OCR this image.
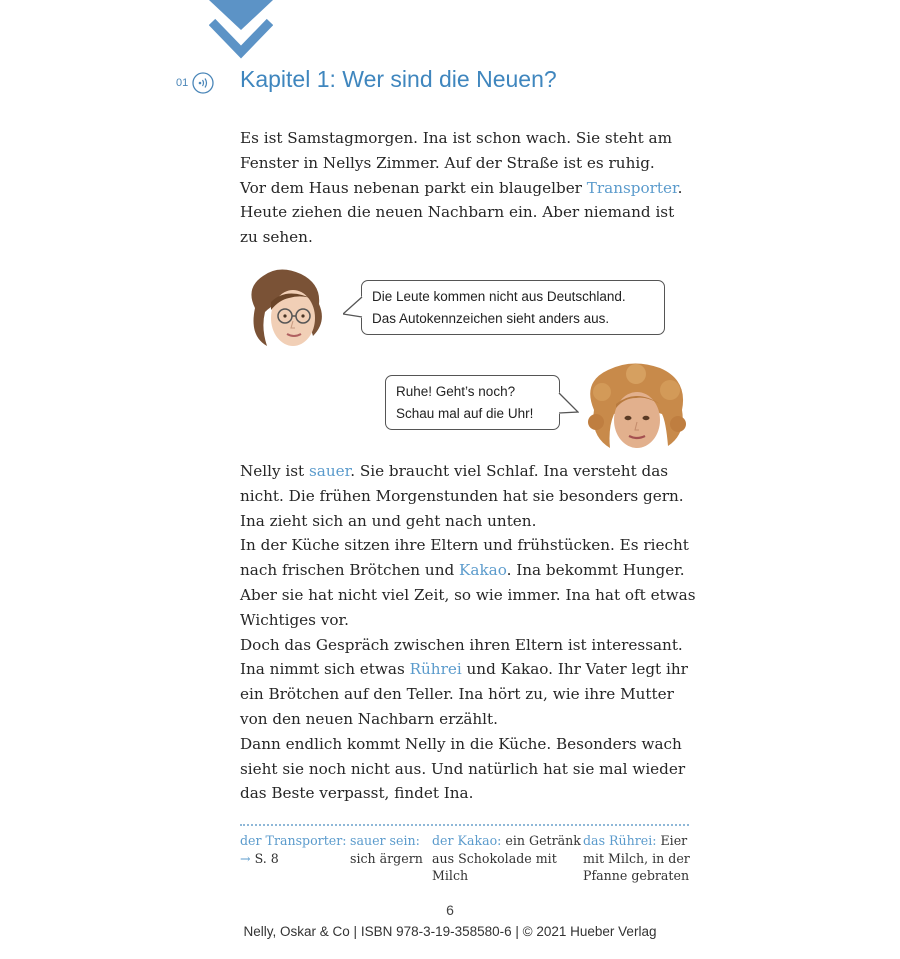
01 Kapitel 1: Wer sind die Neuen?

Es ist Samstagmorgen. Ina ist schon wach. Sie steht am
Fenster in Nellys Zimmer. Auf der Straße ist es ruhig.
Vor dem Haus nebenan parkt ein blaugelber Transporter.
Heute ziehen die neuen Nachbarn ein. Aber niemand ist
zu sehen.

Die Leute kommen nicht aus Deutschland.
Das Autokennzeichen sieht anders aus.
Ruhe! Geht’s noch?
Schau mal auf die Uhr!

Nelly ist sauer. Sie braucht viel Schlaf. Ina versteht das
nicht. Die frühen Morgenstunden hat sie besonders gern.
Ina zieht sich an und geht nach unten.
In der Küche sitzen ihre Eltern und frühstücken. Es riecht
nach frischen Brötchen und Kakao. Ina bekommt Hunger.
Aber sie hat nicht viel Zeit, so wie immer. Ina hat oft etwas
Wichtiges vor.
Doch das Gespräch zwischen ihren Eltern ist interessant.
Ina nimmt sich etwas Rührei und Kakao. Ihr Vater legt ihr
ein Brötchen auf den Teller. Ina hört zu, wie ihre Mutter
von den neuen Nachbarn erzählt.
Dann endlich kommt Nelly in die Küche. Besonders wach
sieht sie noch nicht aus. Und natürlich hat sie mal wieder
das Beste verpasst, findet Ina.

der Transporter:
→ S. 8

sauer sein:
sich ärgern

der Kakao: ein Getränk
aus Schokolade mit
Milch

das Rührei: Eier
mit Milch, in der
Pfanne gebraten

6
Nelly, Oskar & Co | ISBN 978-3-19-358580-6 | © 2021 Hueber Verlag
